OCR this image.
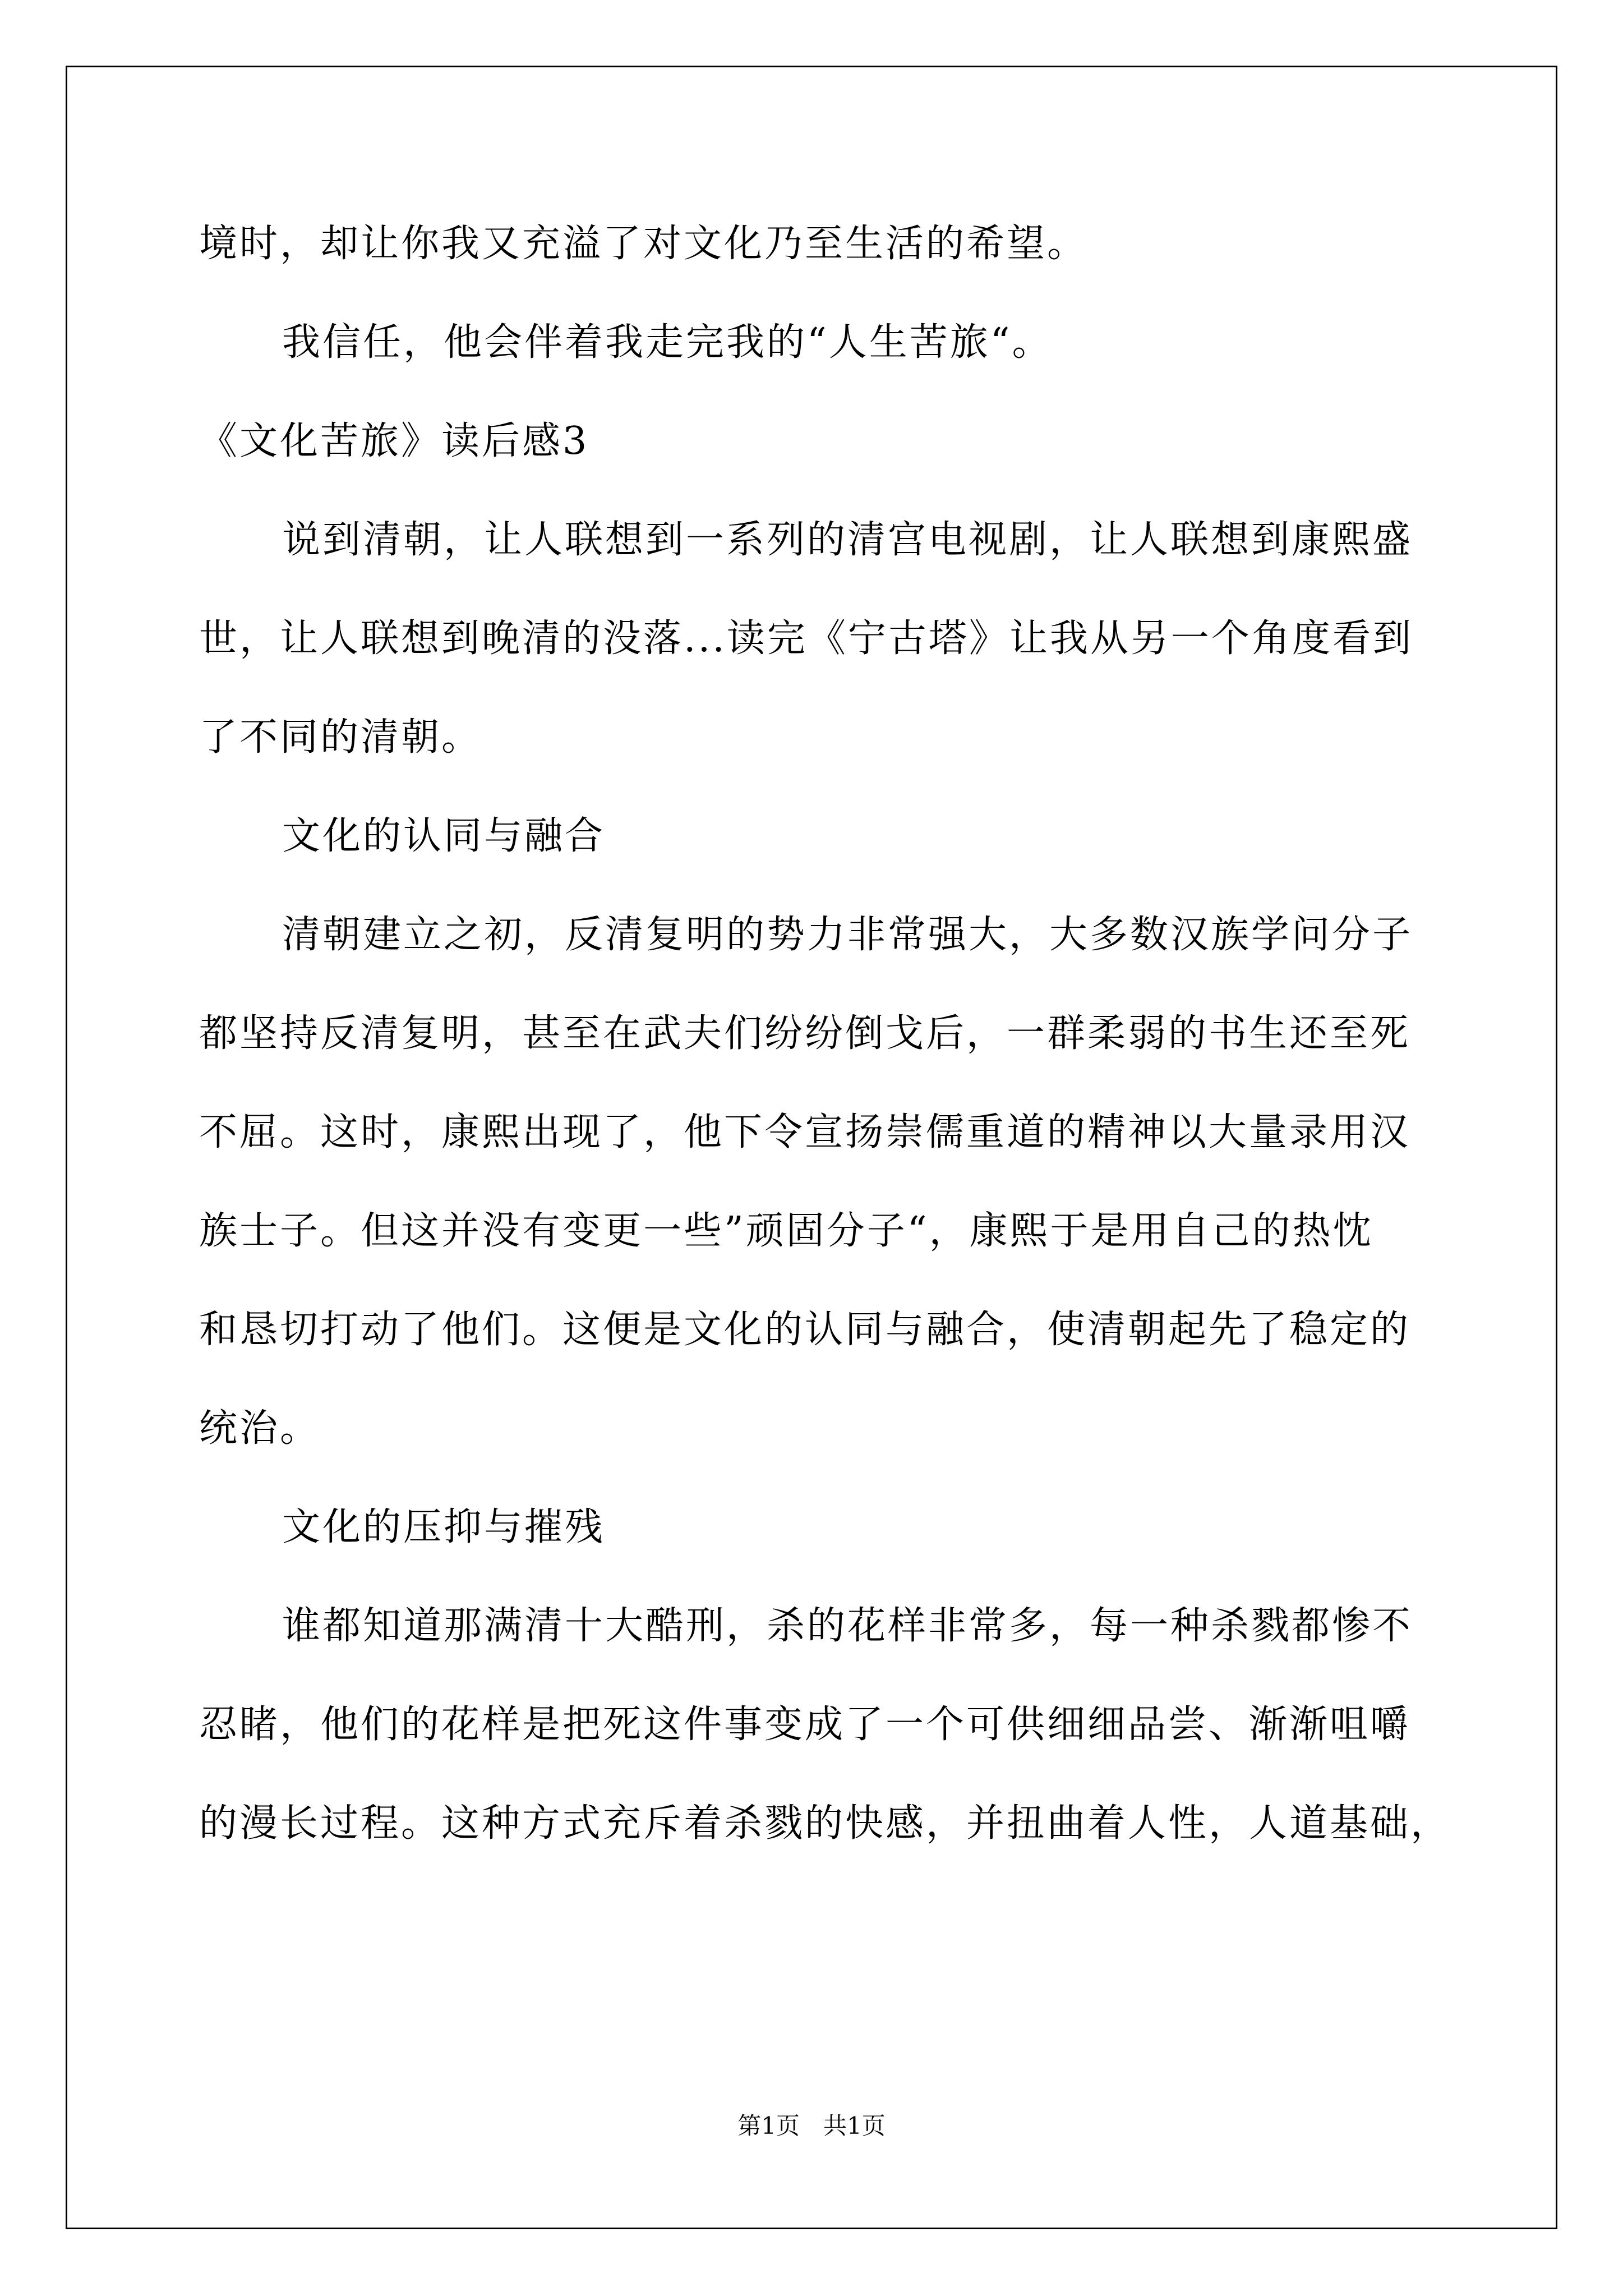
境时，却让你我又充溢了对文化乃至生活的希望。
我信任，他会伴着我走完我的“人生苦旅“。
《文化苦旅》读后感3
说到清朝，让人联想到一系列的清宫电视剧，让人联想到康熙盛
世，让人联想到晚清的没落...读完《宁古塔》让我从另一个角度看到
了不同的清朝。
文化的认同与融合
清朝建立之初，反清复明的势力非常强大，大多数汉族学问分子
都坚持反清复明，甚至在武夫们纷纷倒戈后，一群柔弱的书生还至死
不屈。这时，康熙出现了，他下令宣扬崇儒重道的精神以大量录用汉
族士子。但这并没有变更一些”顽固分子“，康熙于是用自己的热忱
和恳切打动了他们。这便是文化的认同与融合，使清朝起先了稳定的
统治。
文化的压抑与摧残
谁都知道那满清十大酷刑，杀的花样非常多，每一种杀戮都惨不
忍睹，他们的花样是把死这件事变成了一个可供细细品尝、渐渐咀嚼
的漫长过程。这种方式充斥着杀戮的快感，并扭曲着人性，人道基础，
第1页　共1页
